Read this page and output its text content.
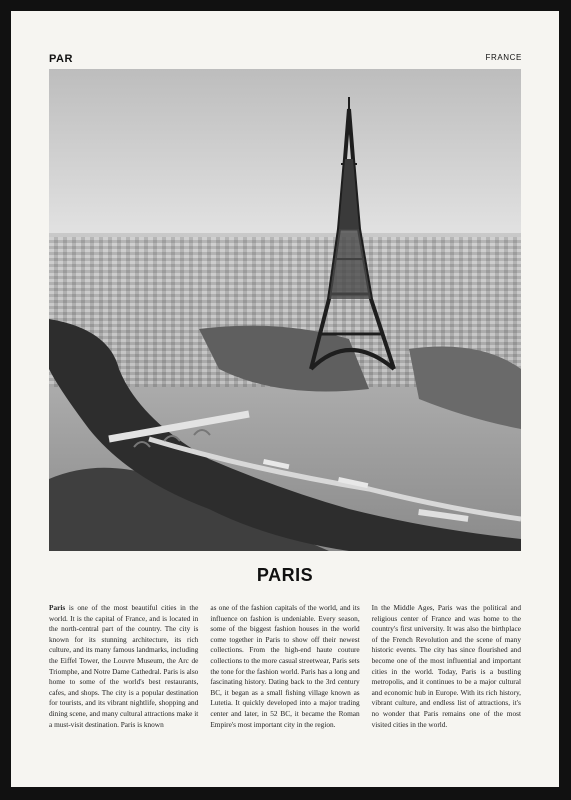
PAR	FRANCE
PARIS
Paris is one of the most beautiful cities in the world. It is the capital of France, and is located in the north-central part of the country. The city is known for its stunning architecture, its rich culture, and its many famous landmarks, including the Eiffel Tower, the Louvre Museum, the Arc de Triomphe, and Notre Dame Cathedral. Paris is also home to some of the world's best restaurants, cafes, and shops. The city is a popular destination for tourists, and its vibrant nightlife, shopping and dining scene, and many cultural attractions make it a must-visit destination. Paris is known
as one of the fashion capitals of the world, and its influence on fashion is undeniable. Every season, some of the biggest fashion houses in the world come together in Paris to show off their newest collections. From the high-end haute couture collections to the more casual streetwear, Paris sets the tone for the fashion world. Paris has a long and fascinating history. Dating back to the 3rd century BC, it began as a small fishing village known as Lutetia. It quickly developed into a major trading center and later, in 52 BC, it became the Roman Empire's most important city in the region.
In the Middle Ages, Paris was the political and religious center of France and was home to the country's first university. It was also the birthplace of the French Revolution and the scene of many historic events. The city has since flourished and become one of the most influential and important cities in the world. Today, Paris is a bustling metropolis, and it continues to be a major cultural and economic hub in Europe. With its rich history, vibrant culture, and endless list of attractions, it's no wonder that Paris remains one of the most visited cities in the world.
